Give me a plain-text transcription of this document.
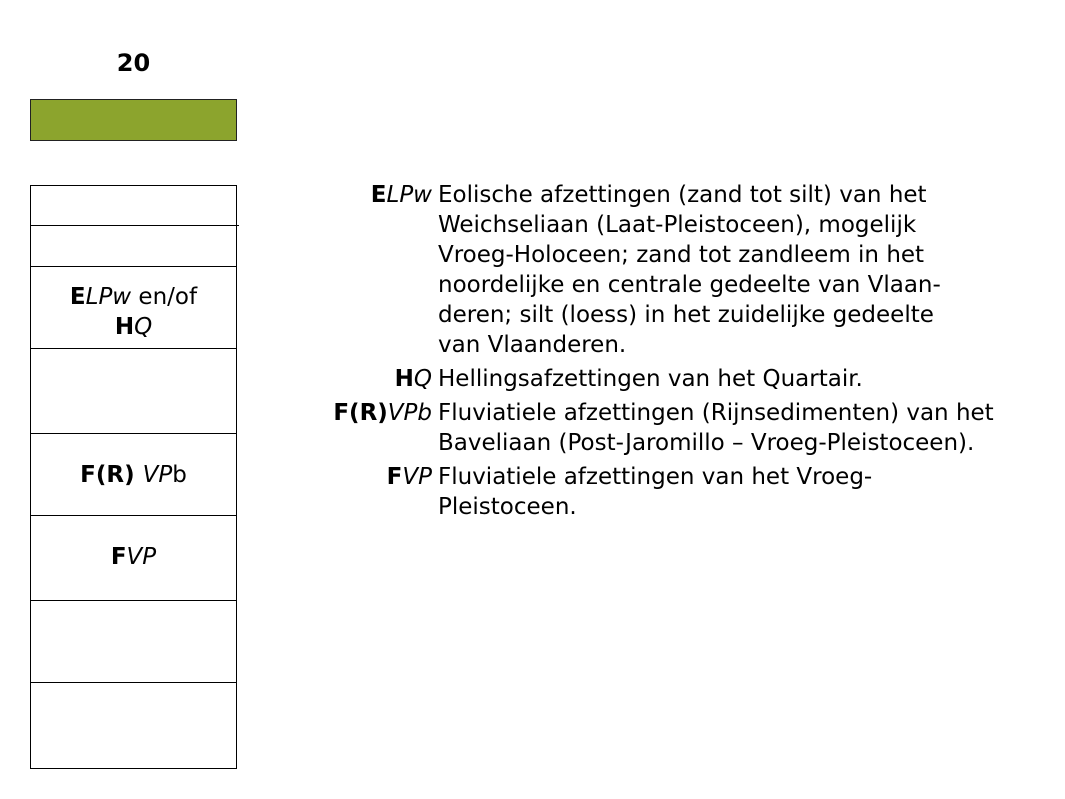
20
ELPw en/of
HQ
F(R) VPb
FVP
ELPw Eolische afzettingen (zand tot silt) van het
Weichseliaan (Laat-Pleistoceen), mogelijk
Vroeg-Holoceen; zand tot zandleem in het
noordelijke en centrale gedeelte van Vlaan-
deren; silt (loess) in het zuidelijke gedeelte
van Vlaanderen.
HQ Hellingsafzettingen van het Quartair.
F(R)VPb Fluviatiele afzettingen (Rijnsedimenten) van het
Baveliaan (Post-Jaromillo – Vroeg-Pleistoceen).
FVP Fluviatiele afzettingen van het Vroeg-
Pleistoceen.
